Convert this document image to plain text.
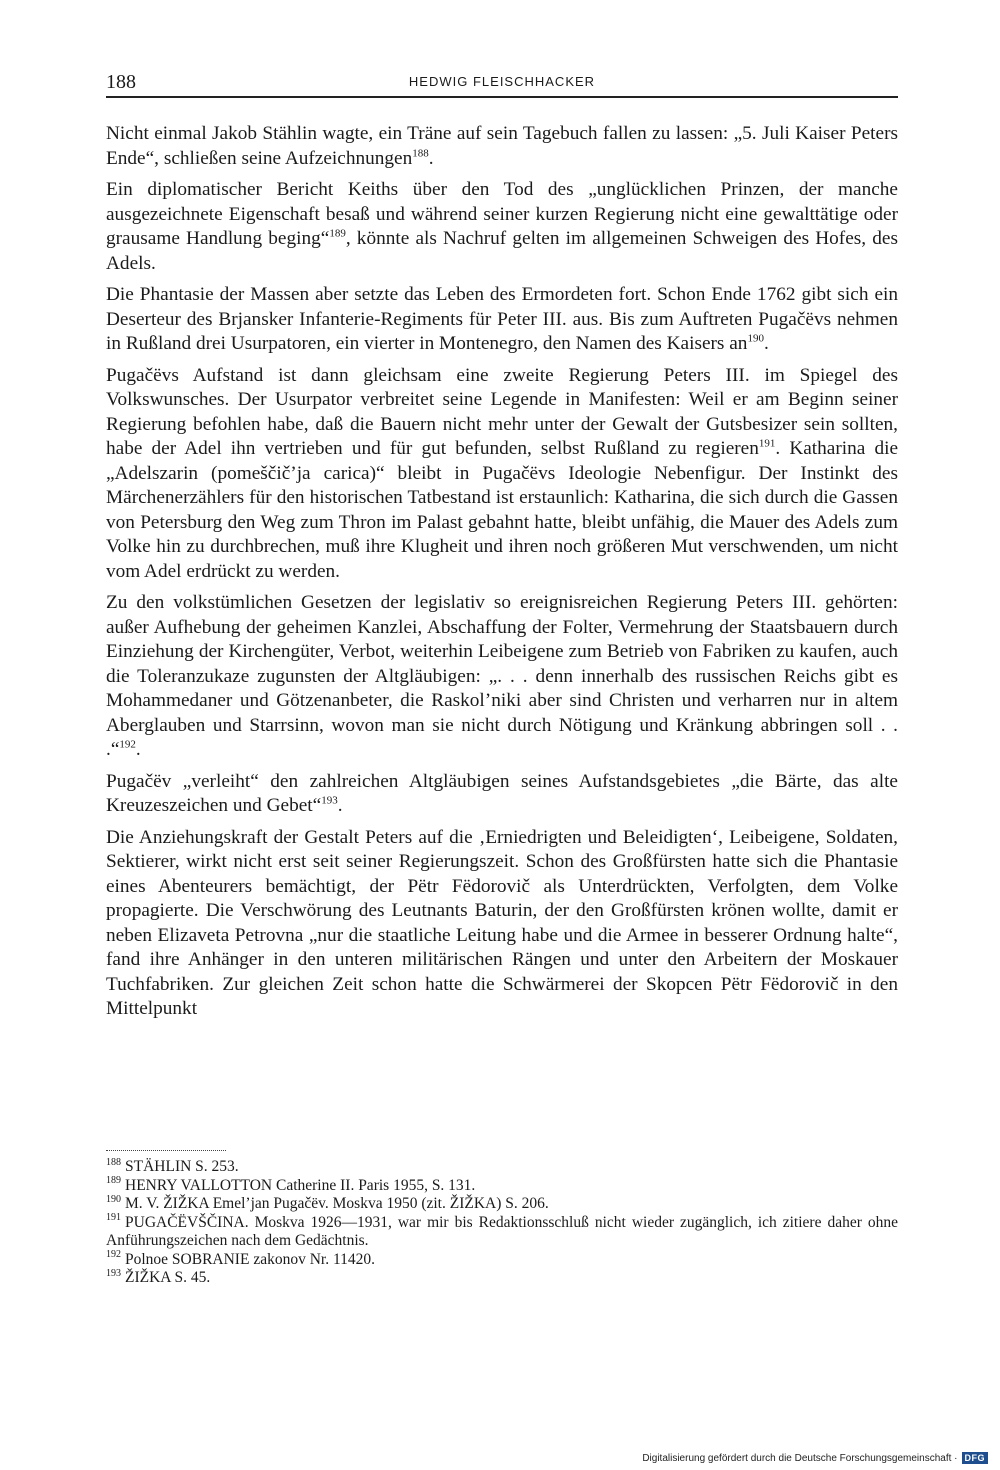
188	HEDWIG FLEISCHHACKER

Nicht einmal Jakob Stählin wagte, ein Träne auf sein Tagebuch fallen zu lassen: „5. Juli Kaiser Peters Ende“, schließen seine Aufzeichnungen$^{188}$.

Ein diplomatischer Bericht Keiths über den Tod des „unglücklichen Prinzen, der manche ausgezeichnete Eigenschaft besaß und während seiner kurzen Regierung nicht eine gewalttätige oder grausame Handlung beging“$^{189}$, könnte als Nachruf gelten im allgemeinen Schweigen des Hofes, des Adels.

Die Phantasie der Massen aber setzte das Leben des Ermordeten fort. Schon Ende 1762 gibt sich ein Deserteur des Brjansker Infanterie-Regiments für Peter III. aus. Bis zum Auftreten Pugačëvs nehmen in Rußland drei Usurpatoren, ein vierter in Montenegro, den Namen des Kaisers $an^{190}$.

Pugačëvs Aufstand ist dann gleichsam eine zweite Regierung Peters III. im Spiegel des Volkswunsches. Der Usurpator verbreitet seine Legende in Manifesten: Weil er am Beginn seiner Regierung befohlen habe, daß die Bauern nicht mehr unter der Gewalt der Gutsbesizer sein sollten, habe der Adel ihn vertrieben und für gut befunden, selbst Rußland zu regieren$^{191}$. Katharina die „Adelszarin (pomeščič’ja carica)“ bleibt in Pugačëvs Ideologie Nebenfigur. Der Instinkt des Märchenerzählers für den historischen Tatbestand ist erstaunlich: Katharina, die sich durch die Gassen von Petersburg den Weg zum Thron im Palast gebahnt hatte, bleibt unfähig, die Mauer des Adels zum Volke hin zu durchbrechen, muß ihre Klugheit und ihren noch größeren Mut verschwenden, um nicht vom Adel erdrückt zu werden.

Zu den volkstümlichen Gesetzen der legislativ so ereignisreichen Regierung Peters III. gehörten: außer Aufhebung der geheimen Kanzlei, Abschaffung der Folter, Vermehrung der Staatsbauern durch Einziehung der Kirchengüter, Verbot, weiterhin Leibeigene zum Betrieb von Fabriken zu kaufen, auch die Toleranzukaze zugunsten der Altgläubigen: „. . . denn innerhalb des russischen Reichs gibt es Mohammedaner und Götzenanbeter, die Raskol’niki aber sind Christen und verharren nur in altem Aberglauben und Starrsinn, wovon man sie nicht durch Nötigung und Kränkung abbringen soll . . .“$^{192}$.

Pugačëv „verleiht“ den zahlreichen Altgläubigen seines Aufstandsgebietes „die Bärte, das alte Kreuzeszeichen und Gebet“$^{193}$.

Die Anziehungskraft der Gestalt Peters auf die ‚Erniedrigten und Beleidigten‘, Leibeigene, Soldaten, Sektierer, wirkt nicht erst seit seiner Regierungszeit. Schon des Großfürsten hatte sich die Phantasie eines Abenteurers bemächtigt, der Pëtr Fëdorovič als Unterdrückten, Verfolgten, dem Volke propagierte. Die Verschwörung des Leutnants Baturin, der den Großfürsten krönen wollte, damit er neben Elizaveta Petrovna „nur die staatliche Leitung habe und die Armee in besserer Ordnung halte“, fand ihre Anhänger in den unteren militärischen Rängen und unter den Arbeitern der Moskauer Tuchfabriken. Zur gleichen Zeit schon hatte die Schwärmerei der Skopcen Pëtr Fëdorovič in den Mittelpunkt

$^{188}$ STÄHLIN S. 253.

$^{189}$ HENRY VALLOTTON Catherine II. Paris 1955, S. 131.

$^{190}$ M. V. ŽIŽKA Emel’jan Pugačëv. Moskva 1950 (zit. ŽIŽKA) S. 206.

$^{191}$ PUGAČËVŠČINA. Moskva 1926—1931, war mir bis Redaktionsschluß nicht wieder zugänglich, ich zitiere daher ohne Anführungszeichen nach dem Gedächtnis.

$^{192}$ Polnoe SOBRANIE zakonov Nr. 11420.

$^{193}$ ŽIŽKA S. 45.

Digitalisierung gefördert durch die Deutsche Forschungsgemeinschaft · DFG
